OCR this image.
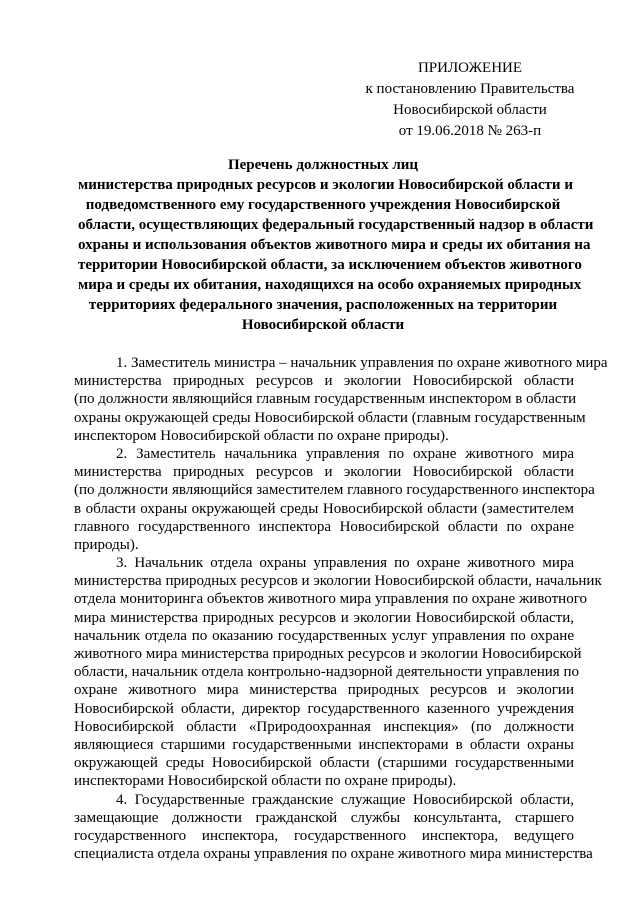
ПРИЛОЖЕНИЕ
к постановлению Правительства
Новосибирской области
от 19.06.2018 № 263-п
Перечень должностных лиц
министерства природных ресурсов и экологии Новосибирской области и
подведомственного ему государственного учреждения Новосибирской
области, осуществляющих федеральный государственный надзор в области
охраны и использования объектов животного мира и среды их обитания на
территории Новосибирской области, за исключением объектов животного
мира и среды их обитания, находящихся на особо охраняемых природных
территориях федерального значения, расположенных на территории
Новосибирской области
1. Заместитель министра – начальник управления по охране животного мира
министерства природных ресурсов и экологии Новосибирской области
(по должности являющийся главным государственным инспектором в области
охраны окружающей среды Новосибирской области (главным государственным
инспектором Новосибирской области по охране природы).
2. Заместитель начальника управления по охране животного мира
министерства природных ресурсов и экологии Новосибирской области
(по должности являющийся заместителем главного государственного инспектора
в области охраны окружающей среды Новосибирской области (заместителем
главного государственного инспектора Новосибирской области по охране
природы).
3. Начальник отдела охраны управления по охране животного мира
министерства природных ресурсов и экологии Новосибирской области, начальник
отдела мониторинга объектов животного мира управления по охране животного
мира министерства природных ресурсов и экологии Новосибирской области,
начальник отдела по оказанию государственных услуг управления по охране
животного мира министерства природных ресурсов и экологии Новосибирской
области, начальник отдела контрольно-надзорной деятельности управления по
охране животного мира министерства природных ресурсов и экологии
Новосибирской области, директор государственного казенного учреждения
Новосибирской области «Природоохранная инспекция» (по должности
являющиеся старшими государственными инспекторами в области охраны
окружающей среды Новосибирской области (старшими государственными
инспекторами Новосибирской области по охране природы).
4. Государственные гражданские служащие Новосибирской области,
замещающие должности гражданской службы консультанта, старшего
государственного инспектора, государственного инспектора, ведущего
специалиста отдела охраны управления по охране животного мира министерства
